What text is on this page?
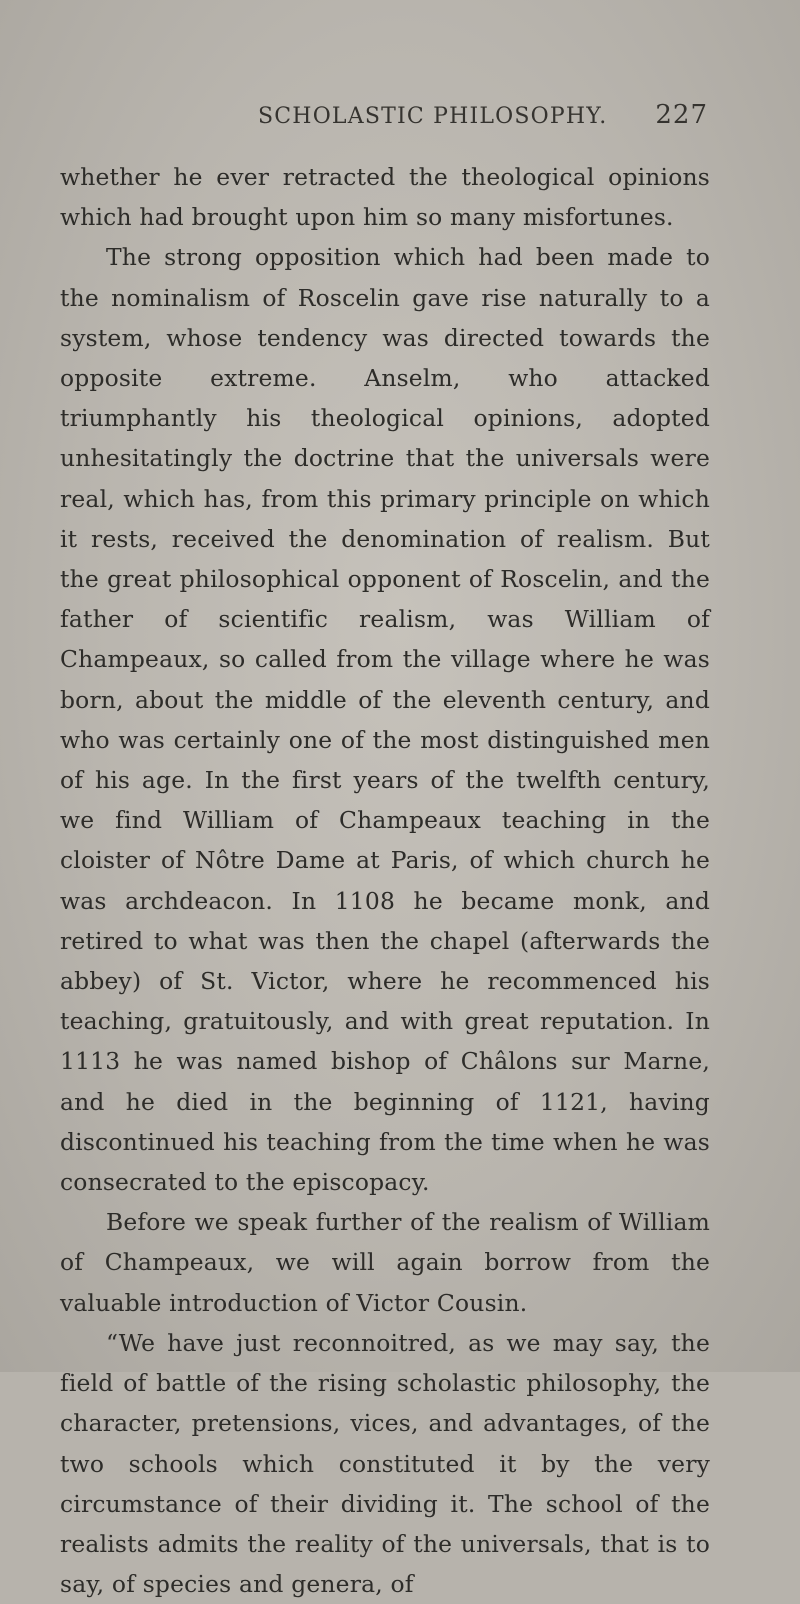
SCHOLASTIC PHILOSOPHY. 227

whether he ever retracted the theological opinions which had brought upon him so many misfortunes.

The strong opposition which had been made to the nominalism of Roscelin gave rise naturally to a system, whose tendency was directed towards the opposite extreme. Anselm, who attacked triumphantly his theological opinions, adopted unhesitatingly the doctrine that the universals were real, which has, from this primary principle on which it rests, received the denomination of realism. But the great philosophical opponent of Roscelin, and the father of scientific realism, was William of Champeaux, so called from the village where he was born, about the middle of the eleventh century, and who was certainly one of the most distinguished men of his age. In the first years of the twelfth century, we find William of Champeaux teaching in the cloister of Nôtre Dame at Paris, of which church he was archdeacon. In 1108 he became monk, and retired to what was then the chapel (afterwards the abbey) of St. Victor, where he recommenced his teaching, gratuitously, and with great reputation. In 1113 he was named bishop of Châlons sur Marne, and he died in the beginning of 1121, having discontinued his teaching from the time when he was consecrated to the episcopacy.

Before we speak further of the realism of William of Champeaux, we will again borrow from the valuable introduction of Victor Cousin.

“We have just reconnoitred, as we may say, the field of battle of the rising scholastic philosophy, the character, pretensions, vices, and advantages, of the two schools which constituted it by the very circumstance of their dividing it. The school of the realists admits the reality of the universals, that is to say, of species and genera, of
